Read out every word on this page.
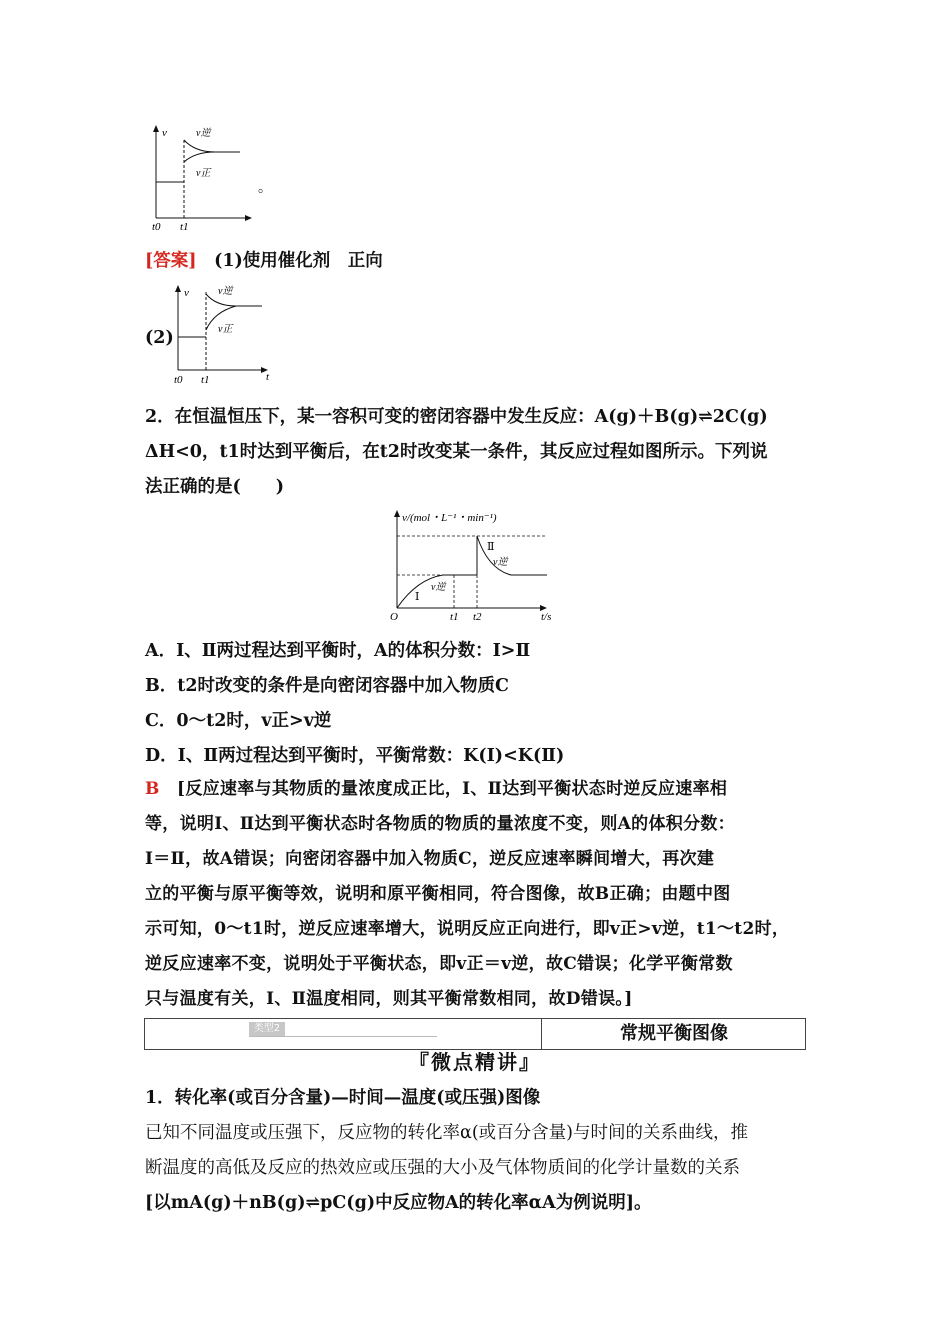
v	v逆
v正
t0 t1
。
[答案]　 (1)使用催化剂　正向
(2)
v	v逆
v正
t0 t1	t
2．在恒温恒压下，某一容积可变的密闭容器中发生反应：A(g)＋B(g)⇌2C(g)
ΔH<0，t1时达到平衡后，在t2时改变某一条件，其反应过程如图所示。下列说
法正确的是(　　)
v/(mol・L⁻¹・min⁻¹)
Ⅰ
v逆
Ⅱ
v逆
O	t1 t2	t/s
A．Ⅰ、Ⅱ两过程达到平衡时，A的体积分数：Ⅰ>Ⅱ
B．t2时改变的条件是向密闭容器中加入物质C
C．0～t2时，v正>v逆
D．Ⅰ、Ⅱ两过程达到平衡时，平衡常数：K(Ⅰ)<K(Ⅱ)
B　 [反应速率与其物质的量浓度成正比，Ⅰ、Ⅱ达到平衡状态时逆反应速率相
等，说明Ⅰ、Ⅱ达到平衡状态时各物质的物质的量浓度不变，则A的体积分数：
Ⅰ＝Ⅱ，故A错误；向密闭容器中加入物质C，逆反应速率瞬间增大，再次建
立的平衡与原平衡等效，说明和原平衡相同，符合图像，故B正确；由题中图
示可知，0～t1时，逆反应速率增大，说明反应正向进行，即v正>v逆，t1～t2时，
逆反应速率不变，说明处于平衡状态，即v正＝v逆，故C错误；化学平衡常数
只与温度有关，Ⅰ、Ⅱ温度相同，则其平衡常数相同，故D错误。]
类型2	常规平衡图像
『微点精讲』
1．转化率(或百分含量)—时间—温度(或压强)图像
已知不同温度或压强下，反应物的转化率α(或百分含量)与时间的关系曲线，推
断温度的高低及反应的热效应或压强的大小及气体物质间的化学计量数的关系
[以mA(g)＋nB(g)⇌pC(g)中反应物A的转化率αA为例说明]。
